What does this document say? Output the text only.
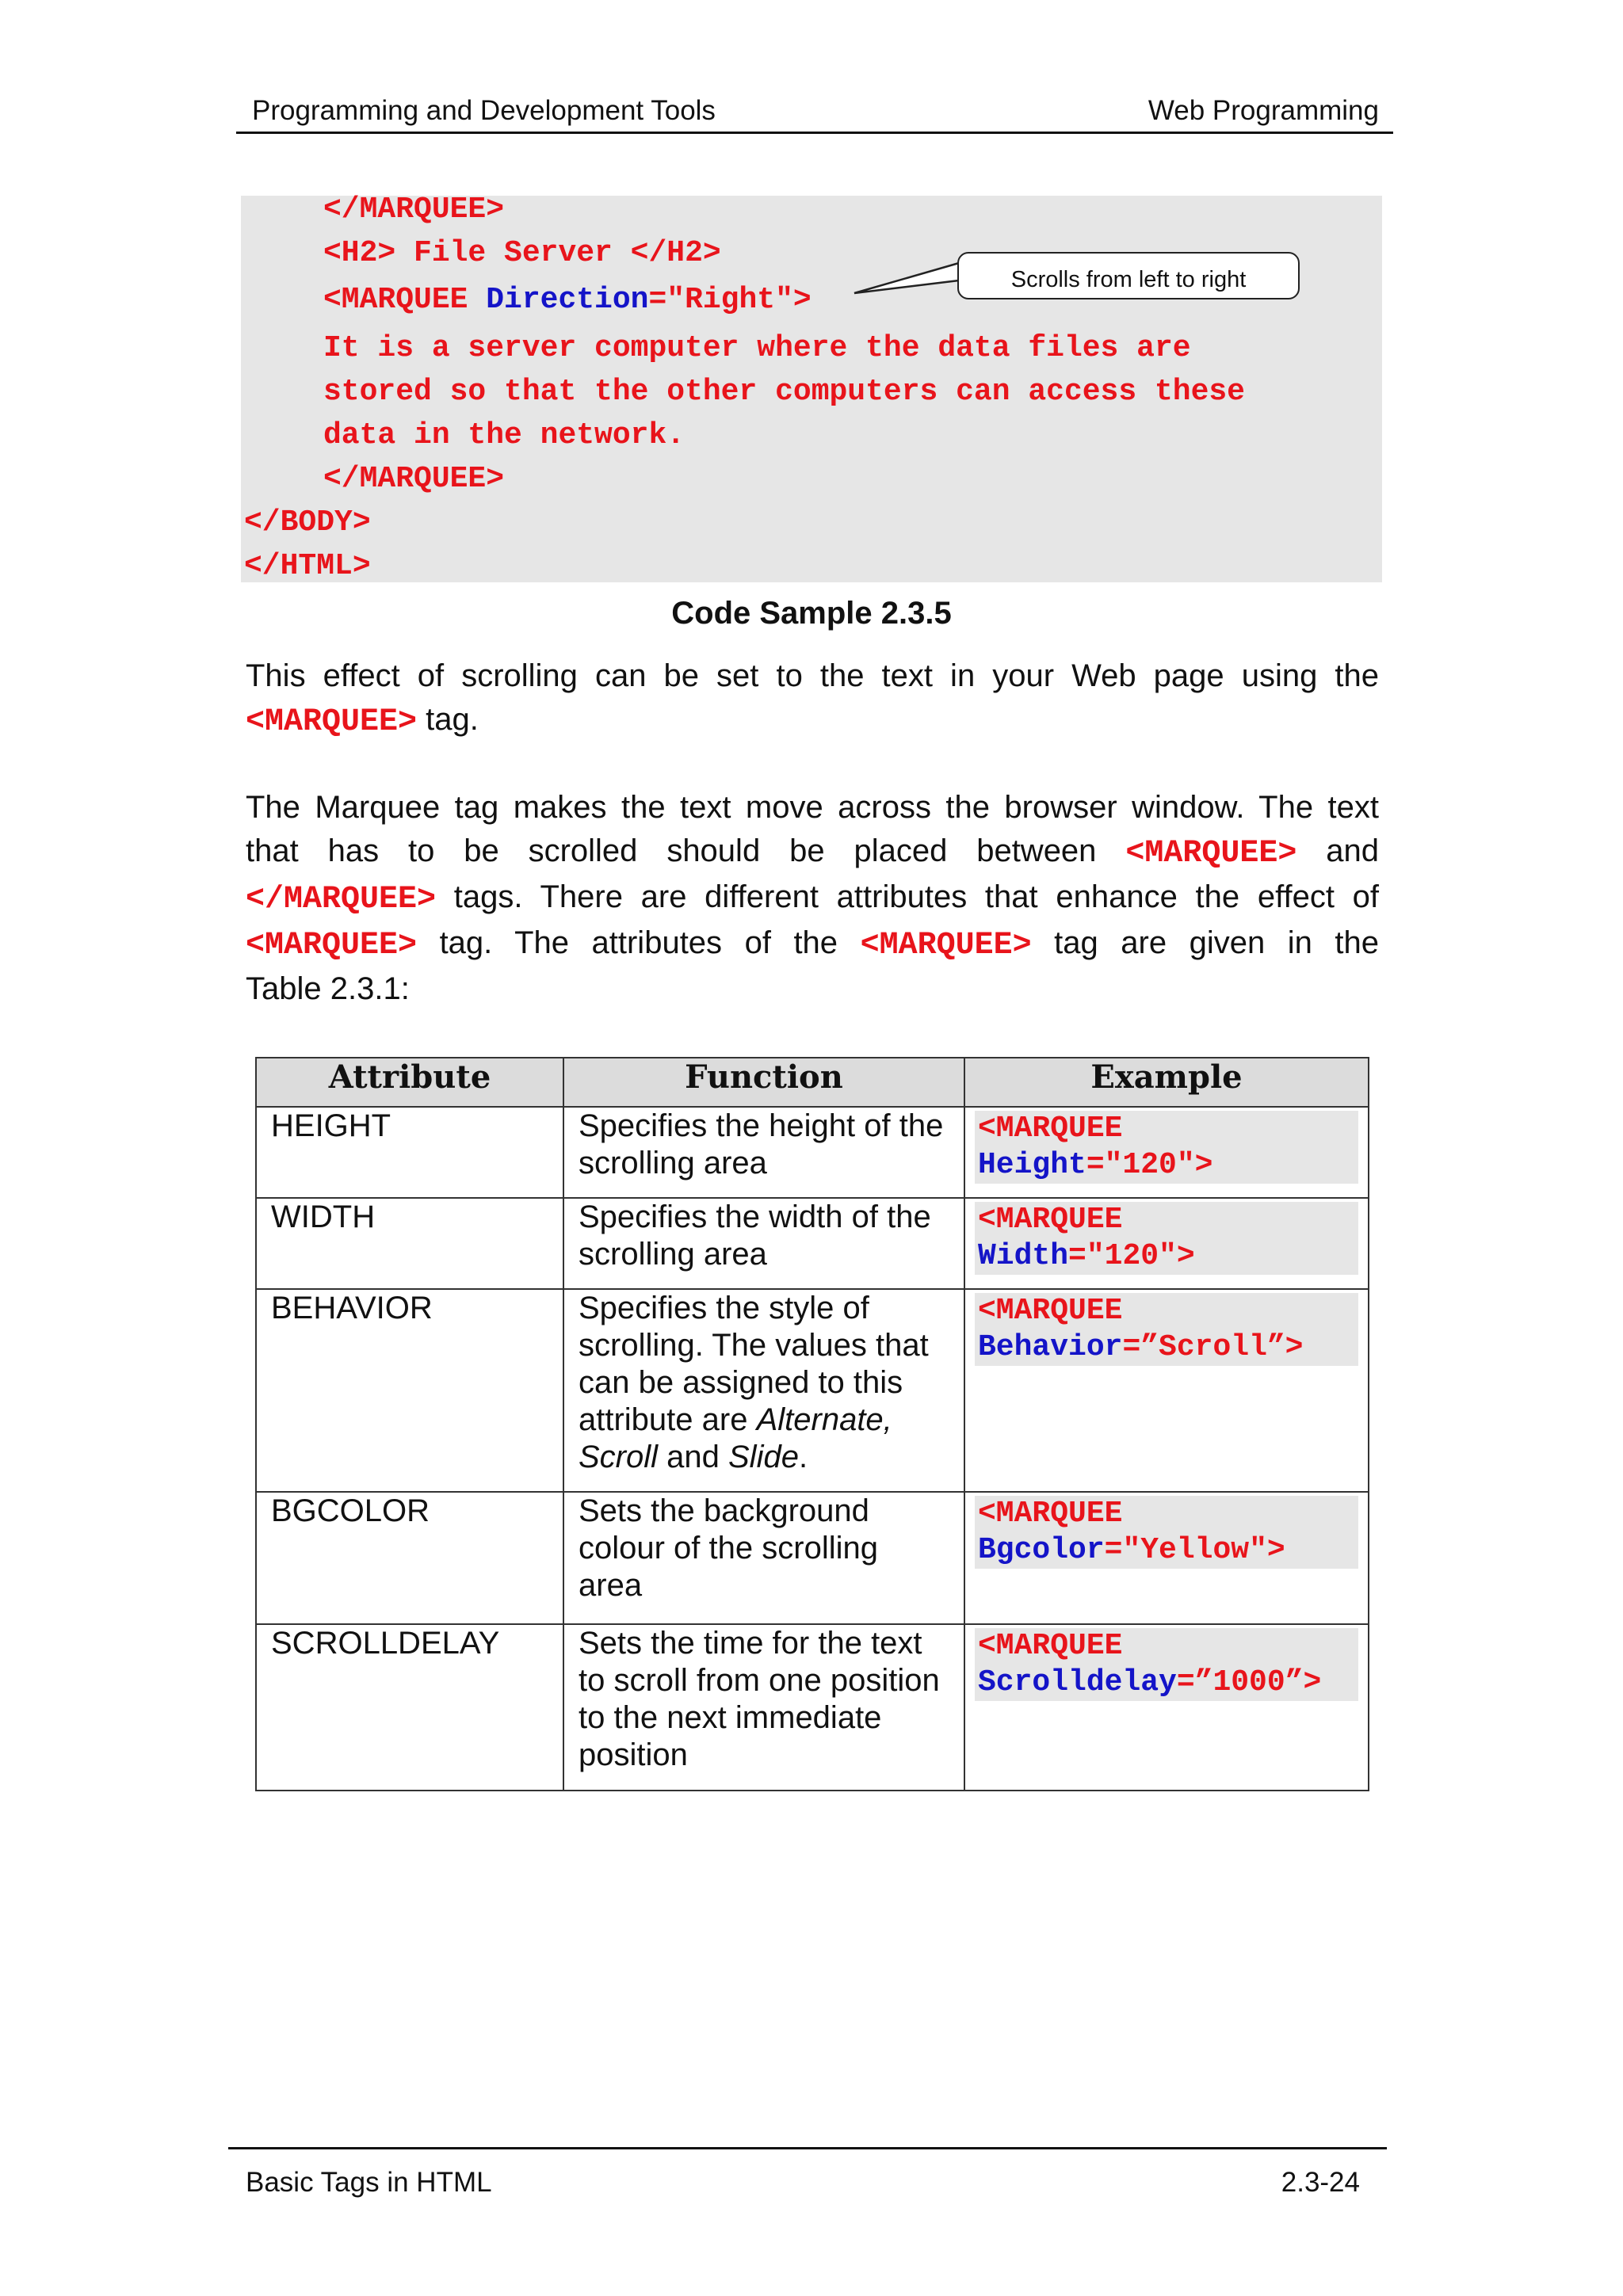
Programming and Development Tools	Web Programming
</MARQUEE>
<H2> File Server </H2>
<MARQUEE Direction="Right">
It is a server computer where the data files are
stored so that the other computers can access these
data in the network.
</MARQUEE>
</BODY>
</HTML>
Scrolls from left to right
Code Sample 2.3.5
This effect of scrolling can be set to the text in your Web page using the
<MARQUEE> tag.
The Marquee tag makes the text move across the browser window. The text
that has to be scrolled should be placed between <MARQUEE> and
</MARQUEE> tags. There are different attributes that enhance the effect of
<MARQUEE> tag. The attributes of the <MARQUEE> tag are given in the
Table 2.3.1:
Attribute	Function	Example
HEIGHT	Specifies the height of the scrolling area	<MARQUEE
Height="120">

WIDTH	Specifies the width of the scrolling area	<MARQUEE
Width="120">

BEHAVIOR	Specifies the style of scrolling. The values that can be assigned to this attribute are Alternate, Scroll and Slide.	<MARQUEE
Behavior=”Scroll”>

BGCOLOR	Sets the background colour of the scrolling area	<MARQUEE
Bgcolor="Yellow">

SCROLLDELAY	Sets the time for the text to scroll from one position to the next immediate position	<MARQUEE
Scrolldelay=”1000”>
Basic Tags in HTML	2.3-24
